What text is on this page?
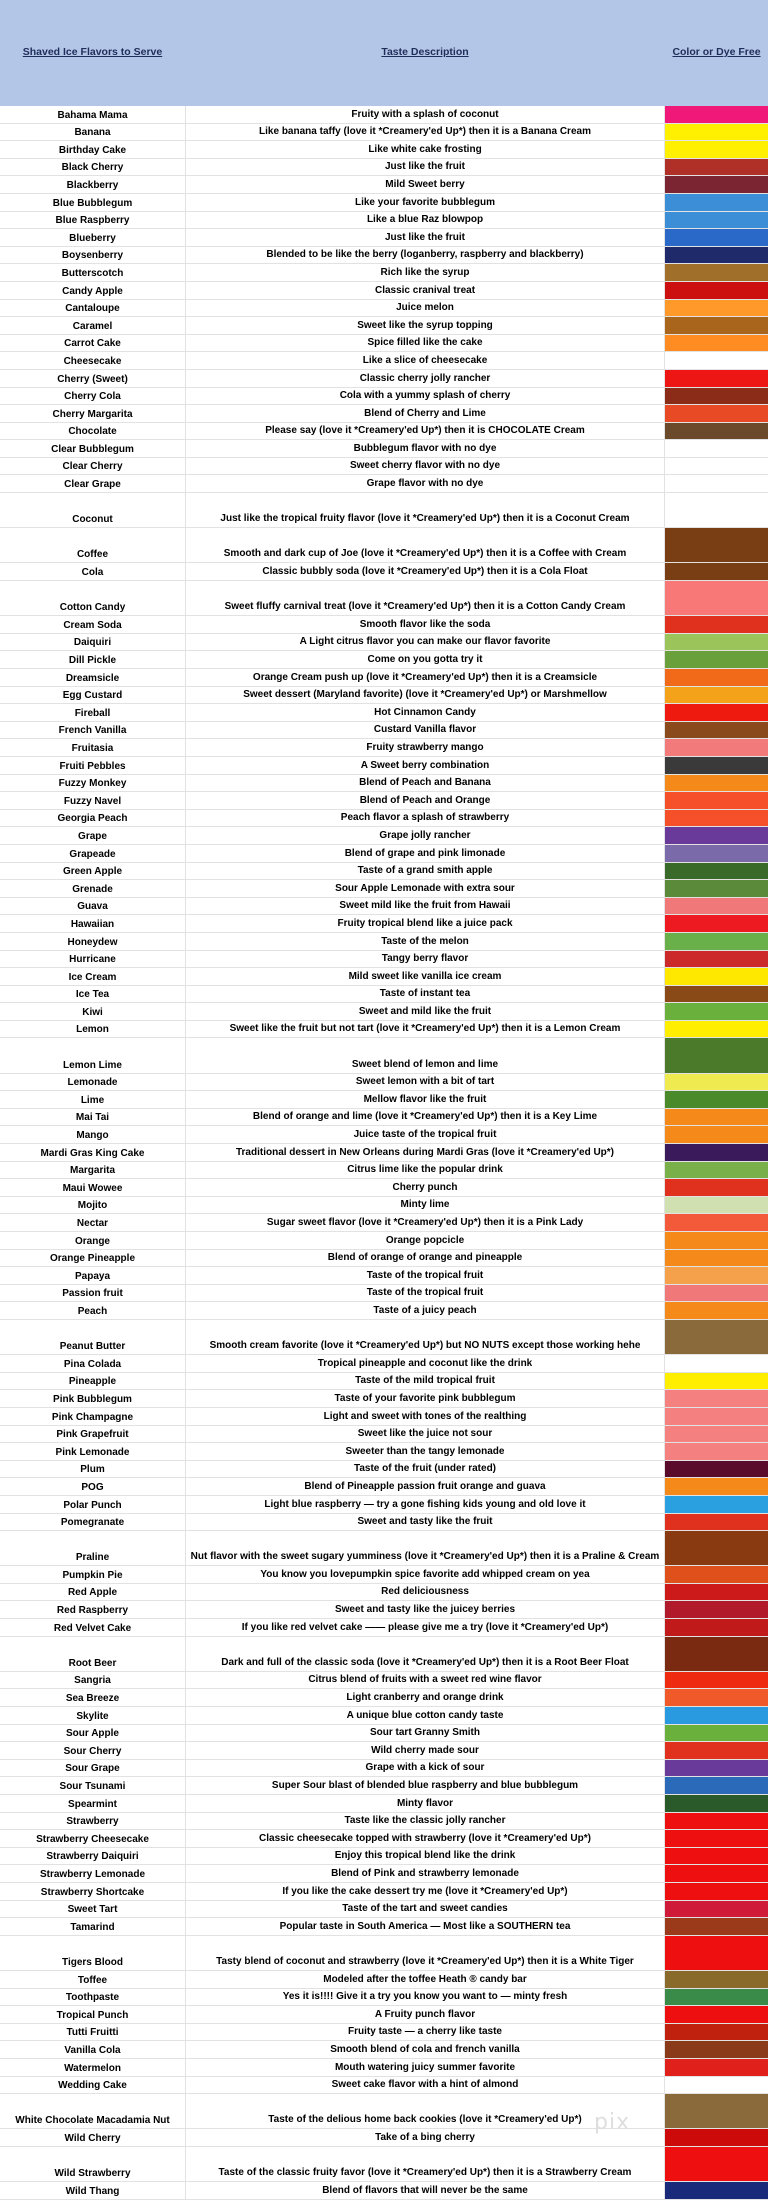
Shaved Ice Flavors to Serve	Taste Description	Color or Dye Free
Bahama Mama	Fruity with a splash of coconut
Banana	Like banana taffy (love it *Creamery'ed Up*) then it is a Banana Cream
Birthday Cake	Like white cake frosting
Black Cherry	Just like the fruit
Blackberry	Mild Sweet berry
Blue Bubblegum	Like your favorite bubblegum
Blue Raspberry	Like a blue Raz blowpop
Blueberry	Just like the fruit
Boysenberry	Blended to be like the berry (loganberry, raspberry and blackberry)
Butterscotch	Rich like the syrup
Candy Apple	Classic cranival treat
Cantaloupe	Juice melon
Caramel	Sweet like the syrup topping
Carrot Cake	Spice filled like the cake
Cheesecake	Like a slice of cheesecake
Cherry (Sweet)	Classic cherry jolly rancher
Cherry Cola	Cola with a yummy splash of cherry
Cherry Margarita	Blend of Cherry and Lime
Chocolate	Please say (love it *Creamery'ed Up*) then it is CHOCOLATE Cream
Clear Bubblegum	Bubblegum flavor with no dye
Clear Cherry	Sweet cherry flavor with no dye
Clear Grape	Grape flavor with no dye
Coconut	Just like the tropical fruity flavor (love it *Creamery'ed Up*) then it is a Coconut Cream
Coffee	Smooth and dark cup of Joe (love it *Creamery'ed Up*) then it is a Coffee with Cream
Cola	Classic bubbly soda (love it *Creamery'ed Up*) then it is a Cola Float
Cotton Candy	Sweet fluffy carnival treat (love it *Creamery'ed Up*) then it is a Cotton Candy Cream
Cream Soda	Smooth flavor like the soda
Daiquiri	A Light citrus flavor you can make our flavor favorite
Dill Pickle	Come on you gotta try it
Dreamsicle	Orange Cream push up (love it *Creamery'ed Up*) then it is a Creamsicle
Egg Custard	Sweet dessert (Maryland favorite) (love it *Creamery'ed Up*) or Marshmellow
Fireball	Hot Cinnamon Candy
French Vanilla	Custard Vanilla flavor
Fruitasia	Fruity strawberry mango
Fruiti Pebbles	A Sweet berry combination
Fuzzy Monkey	Blend of Peach and Banana
Fuzzy Navel	Blend of Peach and Orange
Georgia Peach	Peach flavor a splash of strawberry
Grape	Grape jolly rancher
Grapeade	Blend of grape and pink limonade
Green Apple	Taste of a grand smith apple
Grenade	Sour Apple Lemonade with extra sour
Guava	Sweet mild like the fruit from Hawaii
Hawaiian	Fruity tropical blend like a juice pack
Honeydew	Taste of the melon
Hurricane	Tangy berry flavor
Ice Cream	Mild sweet like vanilla ice cream
Ice Tea	Taste of instant tea
Kiwi	Sweet and mild like the fruit
Lemon	Sweet like the fruit but not tart (love it *Creamery'ed Up*) then it is a Lemon Cream
Lemon Lime	Sweet blend of lemon and lime
Lemonade	Sweet lemon with a bit of tart
Lime	Mellow flavor like the fruit
Mai Tai	Blend of orange and lime (love it *Creamery'ed Up*) then it is a Key Lime
Mango	Juice taste of the tropical fruit
Mardi Gras King Cake	Traditional dessert in New Orleans during Mardi Gras (love it *Creamery'ed Up*)
Margarita	Citrus lime like the popular drink
Maui Wowee	Cherry punch
Mojito	Minty lime
Nectar	Sugar sweet flavor (love it *Creamery'ed Up*) then it is a Pink Lady
Orange	Orange popcicle
Orange Pineapple	Blend of orange of orange and pineapple
Papaya	Taste of the tropical fruit
Passion fruit	Taste of the tropical fruit
Peach	Taste of a juicy peach
Peanut Butter	Smooth cream favorite (love it *Creamery'ed Up*) but NO NUTS except those working hehe
Pina Colada	Tropical pineapple and coconut like the drink
Pineapple	Taste of the mild tropical fruit
Pink Bubblegum	Taste of your favorite pink bubblegum
Pink Champagne	Light and sweet with tones of the realthing
Pink Grapefruit	Sweet like the juice not sour
Pink Lemonade	Sweeter than the tangy lemonade
Plum	Taste of the fruit (under rated)
POG	Blend of Pineapple passion fruit orange and guava
Polar Punch	Light blue raspberry — try a gone fishing kids young and old love it
Pomegranate	Sweet and tasty like the fruit
Praline	Nut flavor with the sweet sugary yumminess (love it *Creamery'ed Up*) then it is a Praline & Cream
Pumpkin Pie	You know you lovepumpkin spice favorite add whipped cream on yea
Red Apple	Red deliciousness
Red Raspberry	Sweet and tasty like the juicey berries
Red Velvet Cake	If you like red velvet cake —— please give me a try (love it *Creamery'ed Up*)
Root Beer	Dark and full of the classic soda (love it *Creamery'ed Up*) then it is a Root Beer Float
Sangria	Citrus blend of fruits with a sweet red wine flavor
Sea Breeze	Light cranberry and orange drink
Skylite	A unique blue cotton candy taste
Sour Apple	Sour tart Granny Smith
Sour Cherry	Wild cherry made sour
Sour Grape	Grape with a kick of sour
Sour Tsunami	Super Sour blast of blended blue raspberry and blue bubblegum
Spearmint	Minty flavor
Strawberry	Taste like the classic jolly rancher
Strawberry Cheesecake	Classic cheesecake topped with strawberry (love it *Creamery'ed Up*)
Strawberry Daiquiri	Enjoy this tropical blend like the drink
Strawberry Lemonade	Blend of Pink and strawberry lemonade
Strawberry Shortcake	If you like the cake dessert try me (love it *Creamery'ed Up*)
Sweet Tart	Taste of the tart and sweet candies
Tamarind	Popular taste in South America — Most like a SOUTHERN tea
Tigers Blood	Tasty blend of coconut and strawberry (love it *Creamery'ed Up*) then it is a White Tiger
Toffee	Modeled after the toffee Heath ® candy bar
Toothpaste	Yes it is!!!! Give it a try you know you want to — minty fresh
Tropical Punch	A Fruity punch flavor
Tutti Fruitti	Fruity taste — a cherry like taste
Vanilla Cola	Smooth blend of cola and french vanilla
Watermelon	Mouth watering juicy summer favorite
Wedding Cake	Sweet cake flavor with a hint of almond
White Chocolate Macadamia Nut	Taste of the delious home back cookies (love it *Creamery'ed Up*)
Wild Cherry	Take of a bing cherry
Wild Strawberry	Taste of the classic fruity favor (love it *Creamery'ed Up*) then it is a Strawberry Cream
Wild Thang	Blend of flavors that will never be the same
pix
